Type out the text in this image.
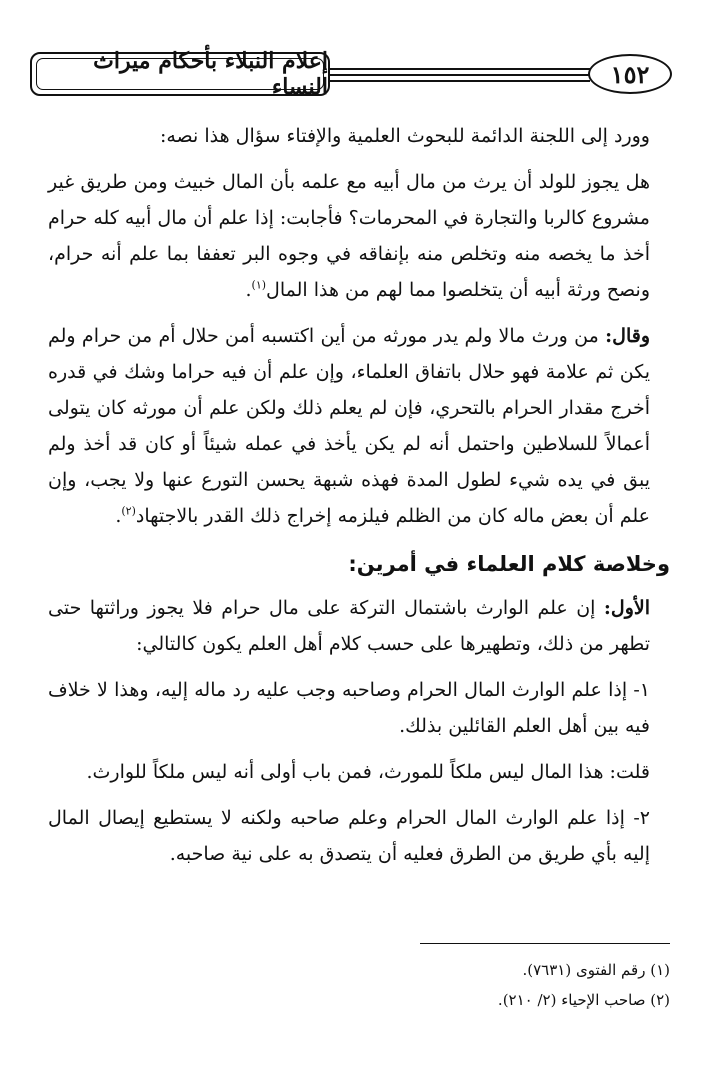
١٥٢
إعلام النبلاء بأحكام ميراث النساء

وورد إلى اللجنة الدائمة للبحوث العلمية والإفتاء سؤال هذا نصه:

هل يجوز للولد أن يرث من مال أبيه مع علمه بأن المال خبيث ومن طريق غير مشروع كالربا والتجارة في المحرمات؟ فأجابت: إذا علم أن مال أبيه كله حرام أخذ ما يخصه منه وتخلص منه بإنفاقه في وجوه البر تعففا بما علم أنه حرام، ونصح ورثة أبيه أن يتخلصوا مما لهم من هذا المال$^{(١)}$.

وقال: من ورث مالا ولم يدر مورثه من أين اكتسبه أمن حلال أم من حرام ولم يكن ثم علامة فهو حلال باتفاق العلماء، وإن علم أن فيه حراما وشك في قدره أخرج مقدار الحرام بالتحري، فإن لم يعلم ذلك ولكن علم أن مورثه كان يتولى أعمالاً للسلاطين واحتمل أنه لم يكن يأخذ في عمله شيئاً أو كان قد أخذ ولم يبق في يده شيء لطول المدة فهذه شبهة يحسن التورع عنها ولا يجب، وإن علم أن بعض ماله كان من الظلم فيلزمه إخراج ذلك القدر بالاجتهاد$^{(٢)}$.

وخلاصة كلام العلماء في أمرين:

الأول: إن علم الوارث باشتمال التركة على مال حرام فلا يجوز وراثتها حتى تطهر من ذلك، وتطهيرها على حسب كلام أهل العلم يكون كالتالي:

١- إذا علم الوارث المال الحرام وصاحبه وجب عليه رد ماله إليه، وهذا لا خلاف فيه بين أهل العلم القائلين بذلك.

قلت: هذا المال ليس ملكاً للمورث، فمن باب أولى أنه ليس ملكاً للوارث.

٢- إذا علم الوارث المال الحرام وعلم صاحبه ولكنه لا يستطيع إيصال المال إليه بأي طريق من الطرق فعليه أن يتصدق به على نية صاحبه.

(١) رقم الفتوى (٧٦٣١).

(٢) صاحب الإحياء (٢/ ٢١٠).
